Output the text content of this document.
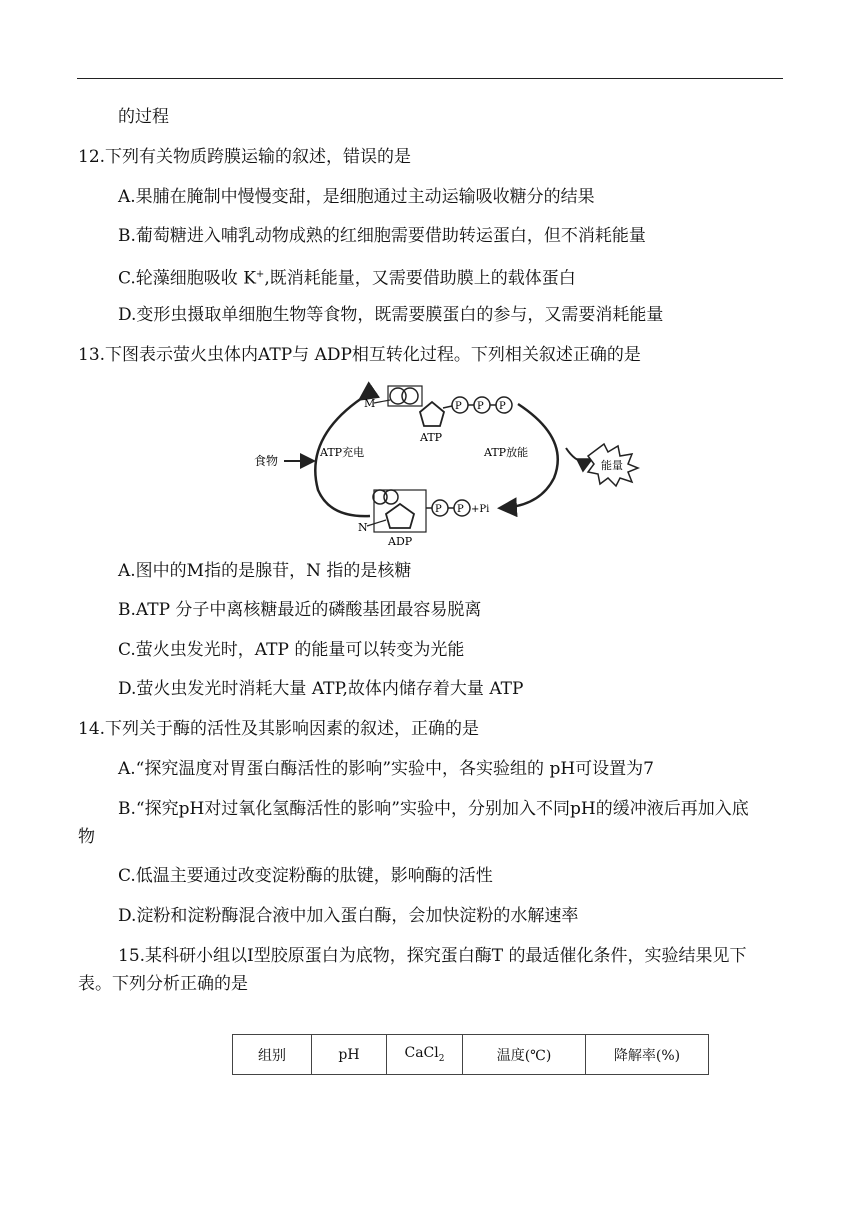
的过程
12.下列有关物质跨膜运输的叙述，错误的是
A.果脯在腌制中慢慢变甜，是细胞通过主动运输吸收糖分的结果
B.葡萄糖进入哺乳动物成熟的红细胞需要借助转运蛋白，但不消耗能量
C.轮藻细胞吸收 K+,既消耗能量，又需要借助膜上的载体蛋白
D.变形虫摄取单细胞生物等食物，既需要膜蛋白的参与，又需要消耗能量
13.下图表示萤火虫体内ATP与 ADP相互转化过程。下列相关叙述正确的是
食物
ATP充电	ATP放能
能量
M	P P P
ATP
N
P P +Pi
ADP
A.图中的M指的是腺苷，N 指的是核糖
B.ATP 分子中离核糖最近的磷酸基团最容易脱离
C.萤火虫发光时，ATP 的能量可以转变为光能
D.萤火虫发光时消耗大量 ATP,故体内储存着大量 ATP
14.下列关于酶的活性及其影响因素的叙述，正确的是
A.“探究温度对胃蛋白酶活性的影响”实验中，各实验组的 pH可设置为7
B.“探究pH对过氧化氢酶活性的影响”实验中，分别加入不同pH的缓冲液后再加入底
物
C.低温主要通过改变淀粉酶的肽键，影响酶的活性
D.淀粉和淀粉酶混合液中加入蛋白酶，会加快淀粉的水解速率
15.某科研小组以Ⅰ型胶原蛋白为底物，探究蛋白酶T 的最适催化条件，实验结果见下
表。下列分析正确的是
组别	pH	CaCl$_2$	温度(℃)	降解率(%)
